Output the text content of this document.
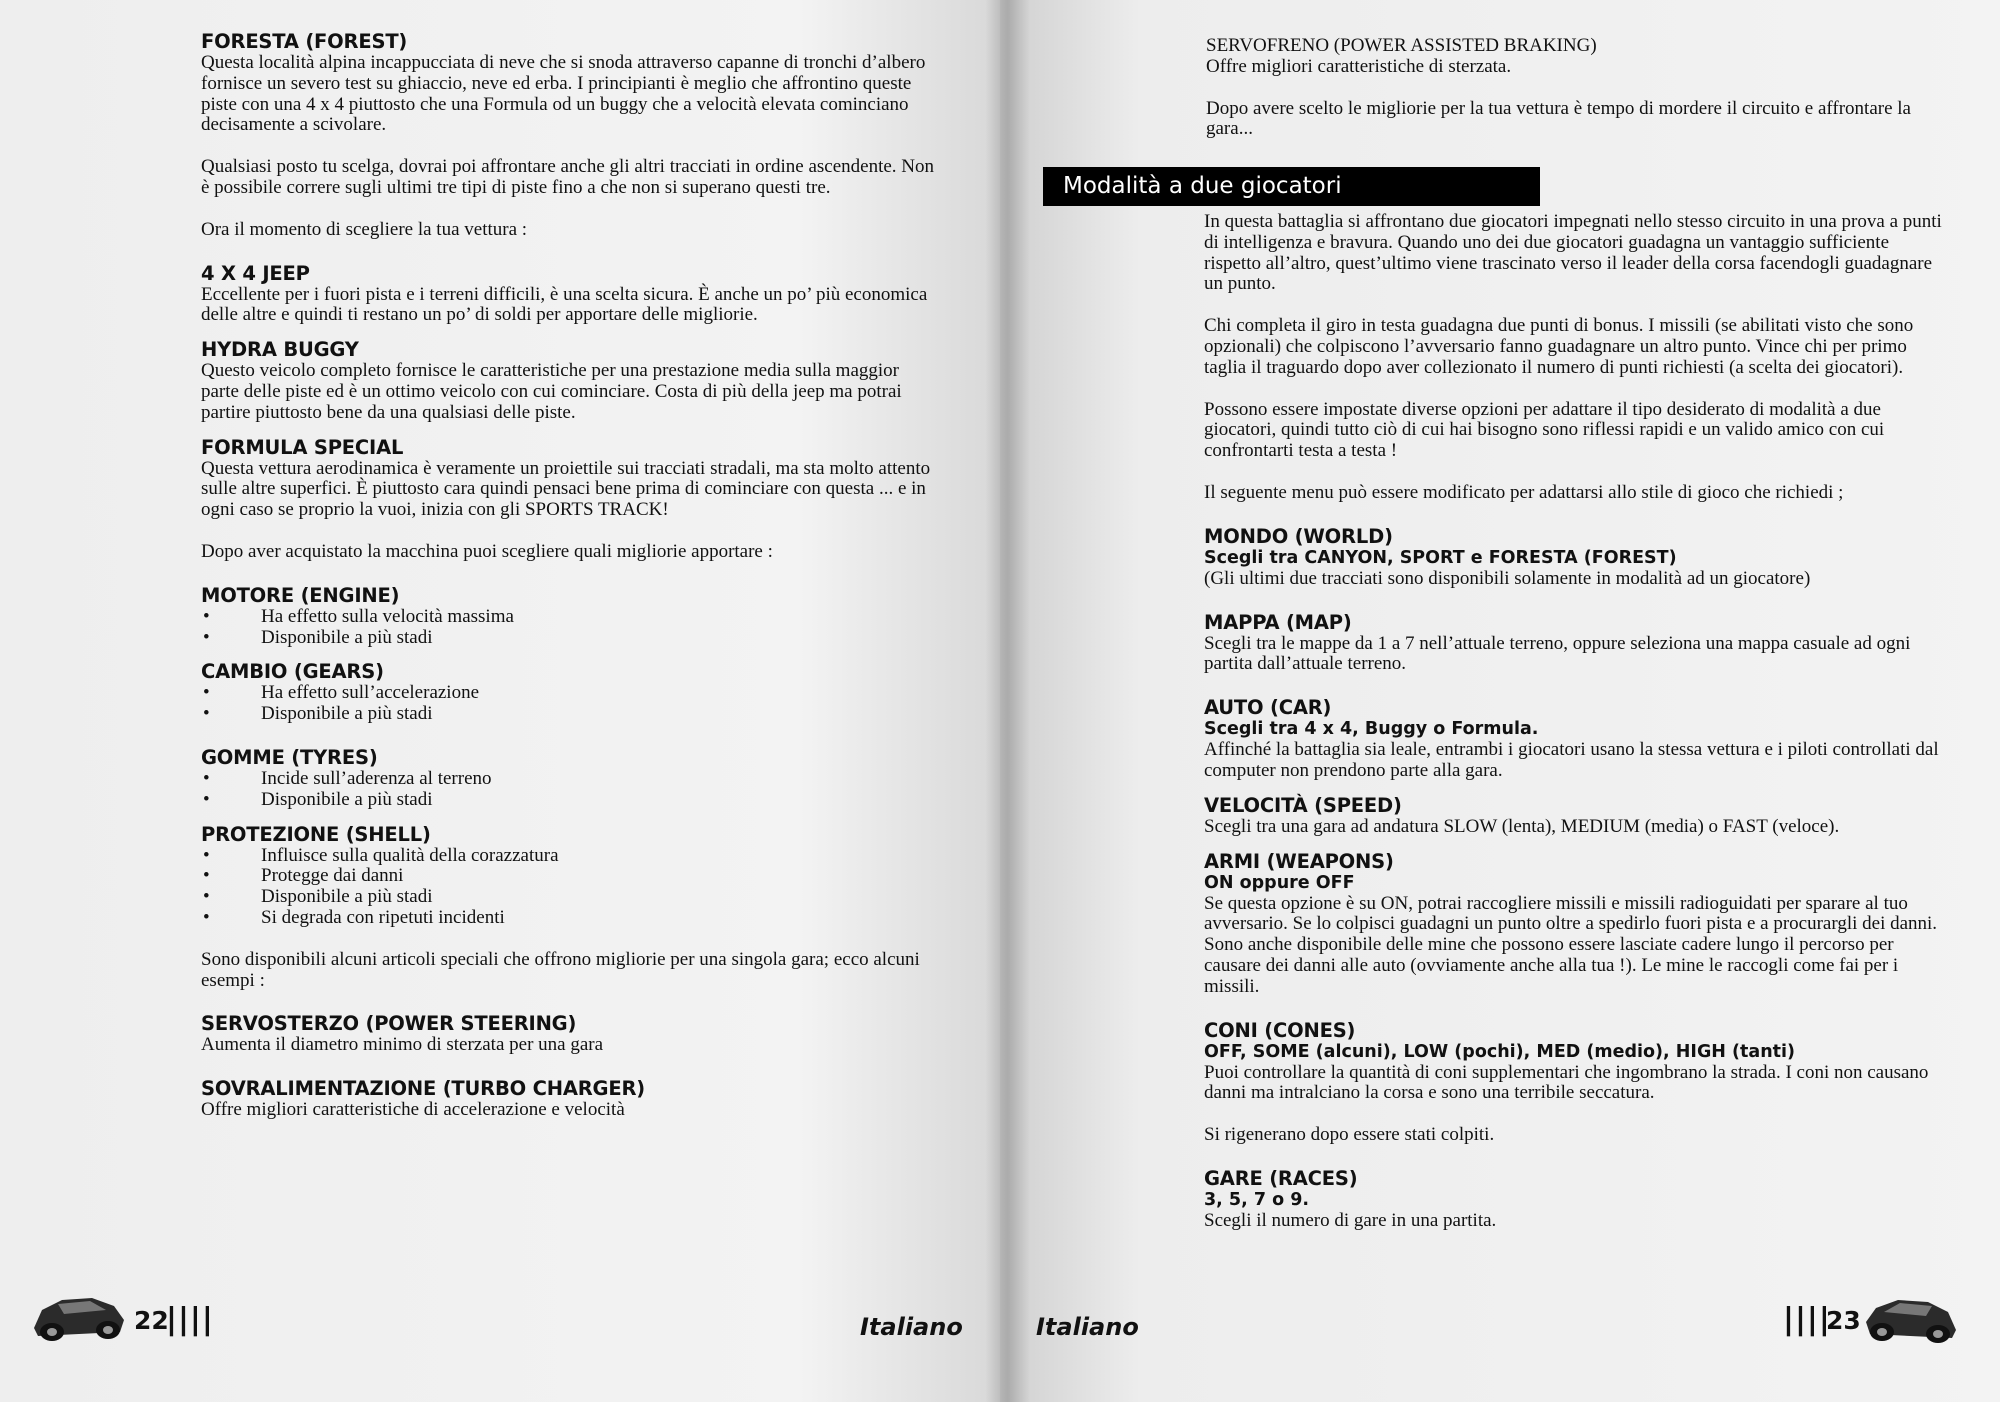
FORESTA (FOREST)

Questa località alpina incappucciata di neve che si snoda attraverso capanne di tronchi d’albero fornisce un severo test su ghiaccio, neve ed erba. I principianti è meglio che affrontino queste piste con una 4 x 4 piuttosto che una Formula od un buggy che a velocità elevata cominciano decisamente a scivolare.

Qualsiasi posto tu scelga, dovrai poi affrontare anche gli altri tracciati in ordine ascendente. Non è possibile correre sugli ultimi tre tipi di piste fino a che non si superano questi tre.

Ora il momento di scegliere la tua vettura :

4 X 4 JEEP

Eccellente per i fuori pista e i terreni difficili, è una scelta sicura. È anche un po’ più economica delle altre e quindi ti restano un po’ di soldi per apportare delle migliorie.

HYDRA BUGGY

Questo veicolo completo fornisce le caratteristiche per una prestazione media sulla maggior parte delle piste ed è un ottimo veicolo con cui cominciare. Costa di più della jeep ma potrai partire piuttosto bene da una qualsiasi delle piste.

FORMULA SPECIAL

Questa vettura aerodinamica è veramente un proiettile sui tracciati stradali, ma sta molto attento sulle altre superfici. È piuttosto cara quindi pensaci bene prima di cominciare con questa ... e in ogni caso se proprio la vuoi, inizia con gli SPORTS TRACK!

Dopo aver acquistato la macchina puoi scegliere quali migliorie apportare :

MOTORE (ENGINE)
• Ha effetto sulla velocità massima
• Disponibile a più stadi
CAMBIO (GEARS)
• Ha effetto sull’accelerazione
• Disponibile a più stadi
GOMME (TYRES)
• Incide sull’aderenza al terreno
• Disponibile a più stadi
PROTEZIONE (SHELL)
• Influisce sulla qualità della corazzatura
• Protegge dai danni
• Disponibile a più stadi
• Si degrada con ripetuti incidenti

Sono disponibili alcuni articoli speciali che offrono migliorie per una singola gara; ecco alcuni esempi :

SERVOSTERZO (POWER STEERING)

Aumenta il diametro minimo di sterzata per una gara

SOVRALIMENTAZIONE (TURBO CHARGER)

Offre migliori caratteristiche di accelerazione e velocità

22
||||	Italiano	||||
23
Italiano
Modalità a due giocatori

SERVOFRENO (POWER ASSISTED BRAKING)

Offre migliori caratteristiche di sterzata.

Dopo avere scelto le migliorie per la tua vettura è tempo di mordere il circuito e affrontare la gara...

In questa battaglia si affrontano due giocatori impegnati nello stesso circuito in una prova a punti di intelligenza e bravura. Quando uno dei due giocatori guadagna un vantaggio sufficiente rispetto all’altro, quest’ultimo viene trascinato verso il leader della corsa facendogli guadagnare un punto.

Chi completa il giro in testa guadagna due punti di bonus. I missili (se abilitati visto che sono opzionali) che colpiscono l’avversario fanno guadagnare un altro punto. Vince chi per primo taglia il traguardo dopo aver collezionato il numero di punti richiesti (a scelta dei giocatori).

Possono essere impostate diverse opzioni per adattare il tipo desiderato di modalità a due giocatori, quindi tutto ciò di cui hai bisogno sono riflessi rapidi e un valido amico con cui confrontarti testa a testa !

Il seguente menu può essere modificato per adattarsi allo stile di gioco che richiedi ;

MONDO (WORLD)
Scegli tra CANYON, SPORT e FORESTA (FOREST)

(Gli ultimi due tracciati sono disponibili solamente in modalità ad un giocatore)

MAPPA (MAP)

Scegli tra le mappe da 1 a 7 nell’attuale terreno, oppure seleziona una mappa casuale ad ogni partita dall’attuale terreno.

AUTO (CAR)
Scegli tra 4 x 4, Buggy o Formula.

Affinché la battaglia sia leale, entrambi i giocatori usano la stessa vettura e i piloti controllati dal computer non prendono parte alla gara.

VELOCITÀ (SPEED)

Scegli tra una gara ad andatura SLOW (lenta), MEDIUM (media) o FAST (veloce).

ARMI (WEAPONS)
ON oppure OFF

Se questa opzione è su ON, potrai raccogliere missili e missili radioguidati per sparare al tuo avversario. Se lo colpisci guadagni un punto oltre a spedirlo fuori pista e a procurargli dei danni. Sono anche disponibile delle mine che possono essere lasciate cadere lungo il percorso per causare dei danni alle auto (ovviamente anche alla tua !). Le mine le raccogli come fai per i missili.

CONI (CONES)
OFF, SOME (alcuni), LOW (pochi), MED (medio), HIGH (tanti)

Puoi controllare la quantità di coni supplementari che ingombrano la strada. I coni non causano danni ma intralciano la corsa e sono una terribile seccatura.

Si rigenerano dopo essere stati colpiti.

GARE (RACES)
3, 5, 7 o 9.

Scegli il numero di gare in una partita.
